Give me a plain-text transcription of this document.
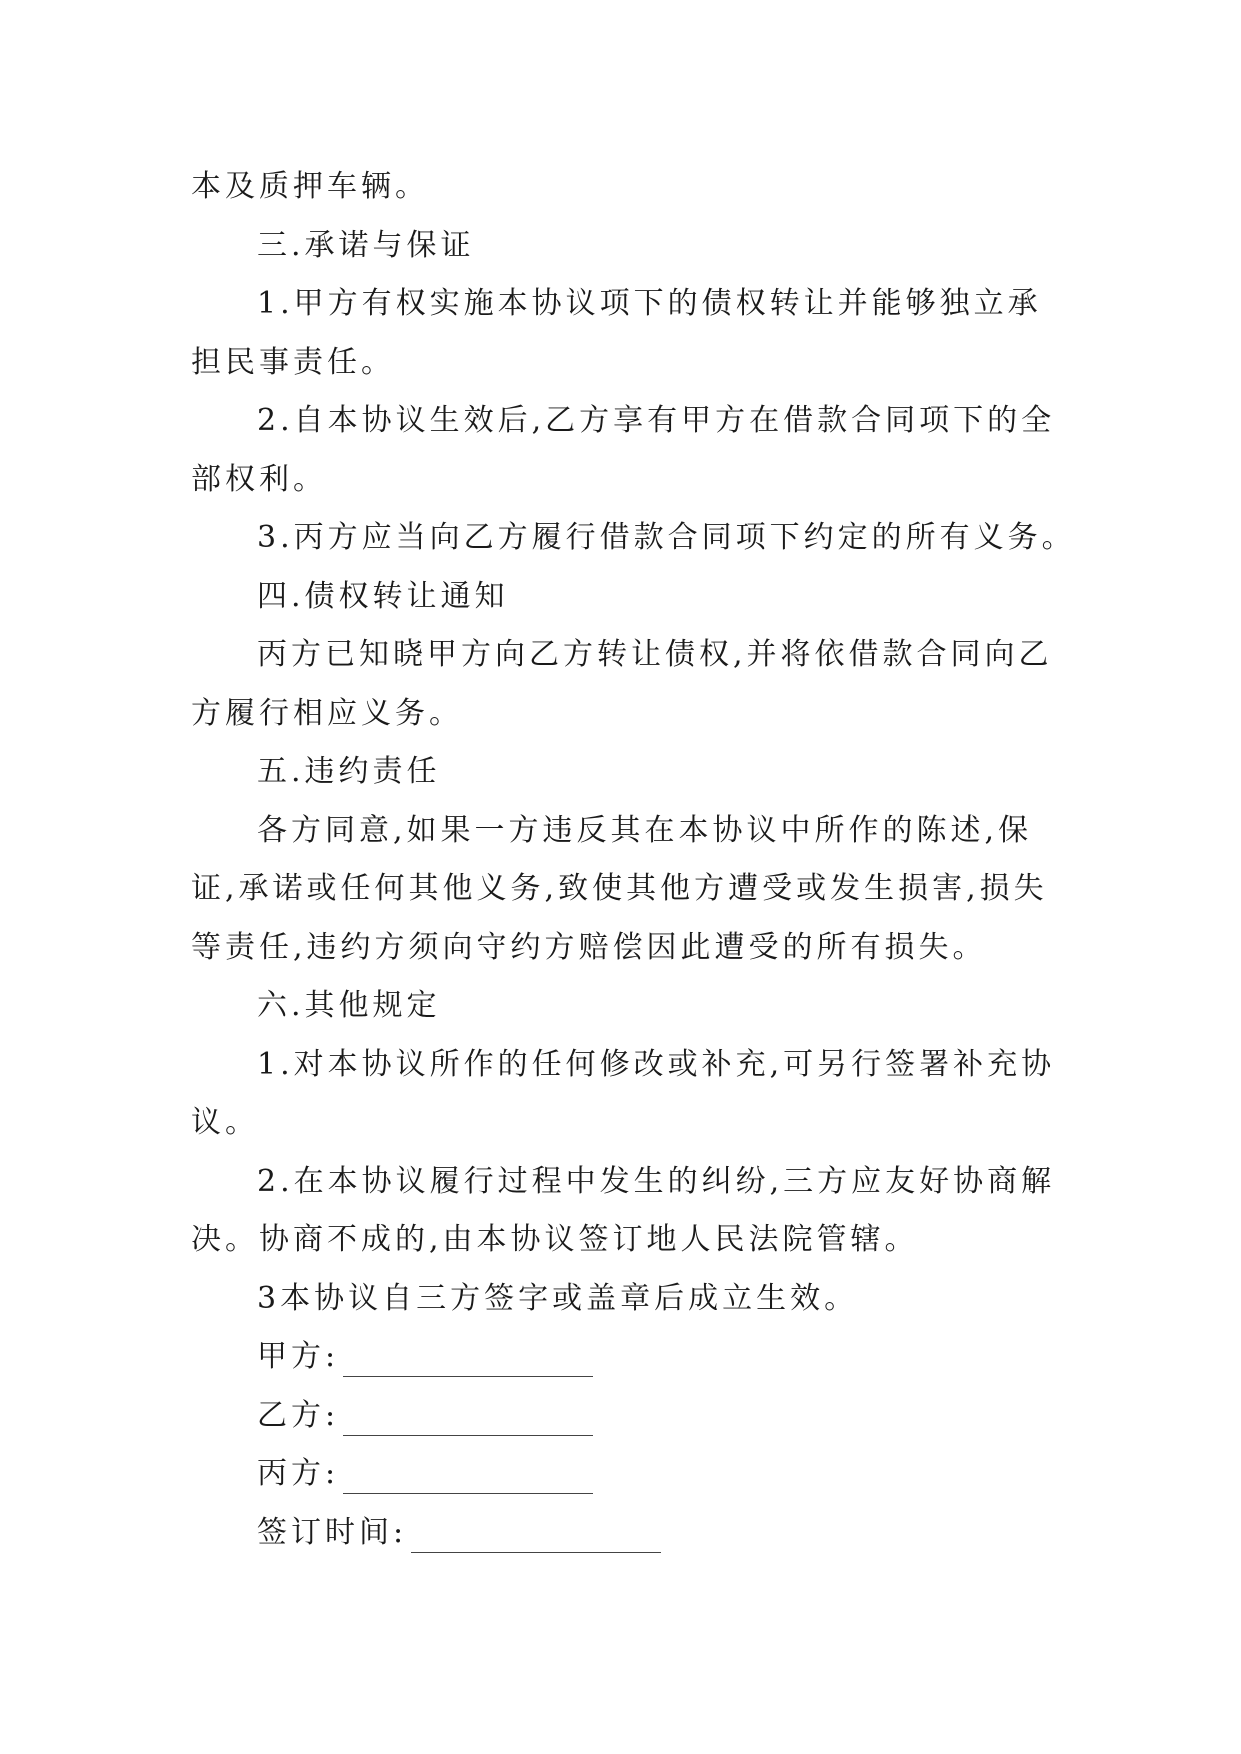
本及质押车辆。
三.承诺与保证
1.甲方有权实施本协议项下的债权转让并能够独立承
担民事责任。
2.自本协议生效后,乙方享有甲方在借款合同项下的全
部权利。
3.丙方应当向乙方履行借款合同项下约定的所有义务。
四.债权转让通知
丙方已知晓甲方向乙方转让债权,并将依借款合同向乙
方履行相应义务。
五.违约责任
各方同意,如果一方违反其在本协议中所作的陈述,保
证,承诺或任何其他义务,致使其他方遭受或发生损害,损失
等责任,违约方须向守约方赔偿因此遭受的所有损失。
六.其他规定
1.对本协议所作的任何修改或补充,可另行签署补充协
议。
2.在本协议履行过程中发生的纠纷,三方应友好协商解
决。协商不成的,由本协议签订地人民法院管辖。
3本协议自三方签字或盖章后成立生效。
甲方:
乙方:
丙方:
签订时间:
